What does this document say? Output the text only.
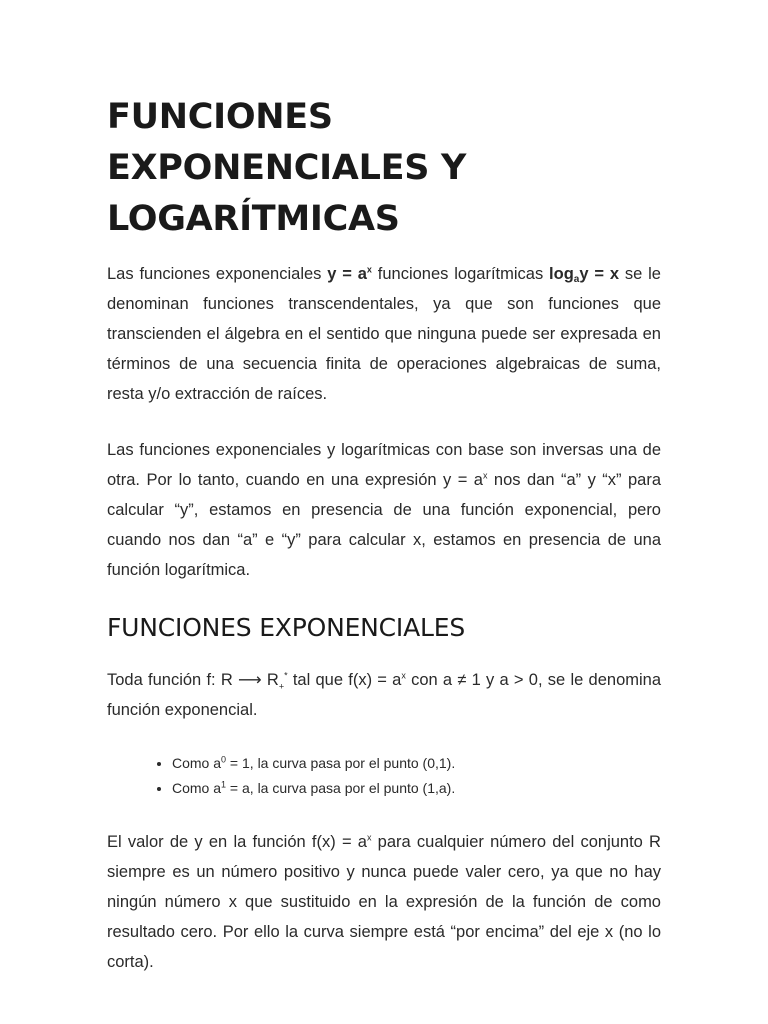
FUNCIONES EXPONENCIALES Y
LOGARÍTMICAS

Las funciones exponenciales $y = a^x$ funciones logarítmicas $\log_ay = x$ se le denominan funciones transcendentales, ya que son funciones que transcienden el álgebra en el sentido que ninguna puede ser expresada en términos de una secuencia finita de operaciones algebraicas de suma, resta y/o extracción de raíces.

Las funciones exponenciales y logarítmicas con base son inversas una de otra. Por lo tanto, cuando en una expresión $y = a^x$ nos dan “a” y “x” para calcular “y”, estamos en presencia de una función exponencial, pero cuando nos dan “a” e “y” para calcular x, estamos en presencia de una función logarítmica.

FUNCIONES EXPONENCIALES

Toda función f: R ⟶ $R_+^*$ tal que $f(x) = a^x$ con a ≠ 1 y a > 0, se le denomina función exponencial.

• Como $a^0 = 1$, la curva pasa por el punto (0,1).
• Como $a^1 = a$, la curva pasa por el punto (1,a).

El valor de y en la función $f(x) = a^x$ para cualquier número del conjunto R siempre es un número positivo y nunca puede valer cero, ya que no hay ningún número x que sustituido en la expresión de la función de como resultado cero. Por ello la curva siempre está “por encima” del eje x (no lo corta).
